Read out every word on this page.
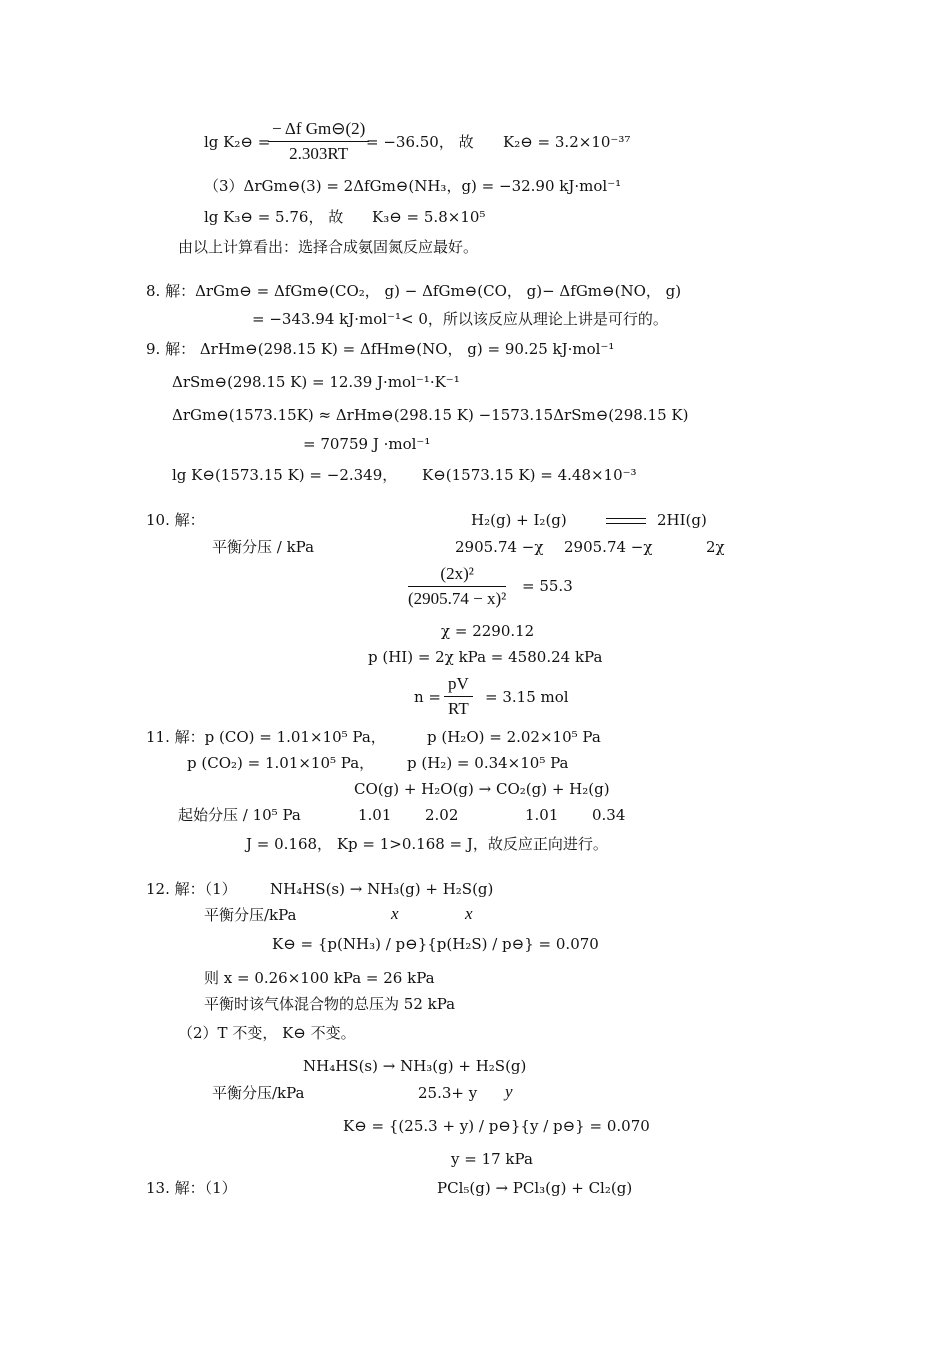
lg K₂⊖ =
$\frac{\text{− Δf Gm⊖(2)}}{2.303RT}$
= −36.50， 故 K₂⊖ = 3.2×10⁻³⁷
（3）ΔrGm⊖(3) = 2ΔfGm⊖(NH₃，g) = −32.90 kJ·mol⁻¹
lg K₃⊖ = 5.76， 故 K₃⊖ = 5.8×10⁵
由以上计算看出：选择合成氨固氮反应最好。
8. 解：ΔrGm⊖ = ΔfGm⊖(CO₂， g) − ΔfGm⊖(CO， g)− ΔfGm⊖(NO， g)
= −343.94 kJ·mol⁻¹< 0，所以该反应从理论上讲是可行的。
9. 解： ΔrHm⊖(298.15 K) = ΔfHm⊖(NO， g) = 90.25 kJ·mol⁻¹
ΔrSm⊖(298.15 K) = 12.39 J·mol⁻¹·K⁻¹
ΔrGm⊖(1573.15K) ≈ ΔrHm⊖(298.15 K) −1573.15ΔrSm⊖(298.15 K)
= 70759 J ·mol⁻¹
lg K⊖(1573.15 K) = −2.349， K⊖(1573.15 K) = 4.48×10⁻³
10. 解：	H₂(g) + I₂(g)	2HI(g)
平衡分压 / kPa	2905.74 −χ 2905.74 −χ	2χ
$\frac{\text{(2x)²}}{\text{(2905.74 − x)²}} = 55.3$
χ = 2290.12
p (HI) = 2χ kPa = 4580.24 kPa
$n = \frac{pV}{RT} = 3.15$ mol
11. 解：p (CO) = 1.01×10⁵ Pa，	p (H₂O) = 2.02×10⁵ Pa
p (CO₂) = 1.01×10⁵ Pa， p (H₂) = 0.34×10⁵ Pa
CO(g) + H₂O(g) → CO₂(g) + H₂(g)
起始分压 / 10⁵ Pa	1.01 2.02	1.01 0.34
J = 0.168， Kp = 1>0.168 = J，故反应正向进行。
12. 解：（1） NH₄HS(s) → NH₃(g) + H₂S(g)
平衡分压/kPa	x	x
K⊖ = {p(NH₃) / p⊖}{p(H₂S) / p⊖} = 0.070
则 x = 0.26×100 kPa = 26 kPa
平衡时该气体混合物的总压为 52 kPa
（2）T 不变， K⊖ 不变。
NH₄HS(s) → NH₃(g) + H₂S(g)
平衡分压/kPa	25.3+ y y
K⊖ = {(25.3 + y) / p⊖}{y / p⊖} = 0.070
y = 17 kPa
13. 解：（1）	PCl₅(g) → PCl₃(g) + Cl₂(g)
